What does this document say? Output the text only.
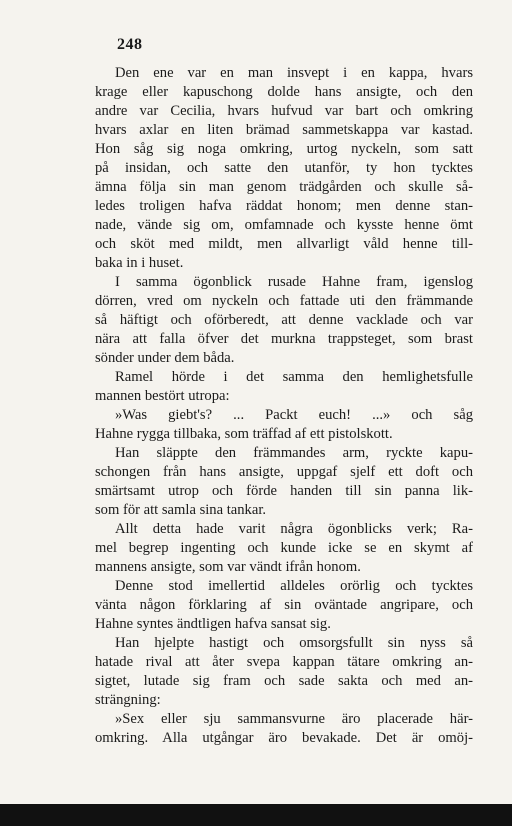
248
Den ene var en man insvept i en kappa, hvars
krage eller kapuschong dolde hans ansigte, och den
andre var Cecilia, hvars hufvud var bart och omkring
hvars axlar en liten brämad sammetskappa var kastad.
Hon såg sig noga omkring, urtog nyckeln, som satt
på insidan, och satte den utanför, ty hon tycktes
ämna följa sin man genom trädgården och skulle så-
ledes troligen hafva räddat honom; men denne stan-
nade, vände sig om, omfamnade och kysste henne ömt
och sköt med mildt, men allvarligt våld henne till-
baka in i huset.
I samma ögonblick rusade Hahne fram, igenslog
dörren, vred om nyckeln och fattade uti den främmande
så häftigt och oförberedt, att denne vacklade och var
nära att falla öfver det murkna trappsteget, som brast
sönder under dem båda.
Ramel hörde i det samma den hemlighetsfulle
mannen bestört utropa:
»Was giebt's? ... Packt euch! ...» och såg
Hahne rygga tillbaka, som träffad af ett pistolskott.
Han släppte den främmandes arm, ryckte kapu-
schongen från hans ansigte, uppgaf sjelf ett doft och
smärtsamt utrop och förde handen till sin panna lik-
som för att samla sina tankar.
Allt detta hade varit några ögonblicks verk; Ra-
mel begrep ingenting och kunde icke se en skymt af
mannens ansigte, som var vändt ifrån honom.
Denne stod imellertid alldeles orörlig och tycktes
vänta någon förklaring af sin oväntade angripare, och
Hahne syntes ändtligen hafva sansat sig.
Han hjelpte hastigt och omsorgsfullt sin nyss så
hatade rival att åter svepa kappan tätare omkring an-
sigtet, lutade sig fram och sade sakta och med an-
strängning:
»Sex eller sju sammansvurne äro placerade här-
omkring. Alla utgångar äro bevakade. Det är omöj-
